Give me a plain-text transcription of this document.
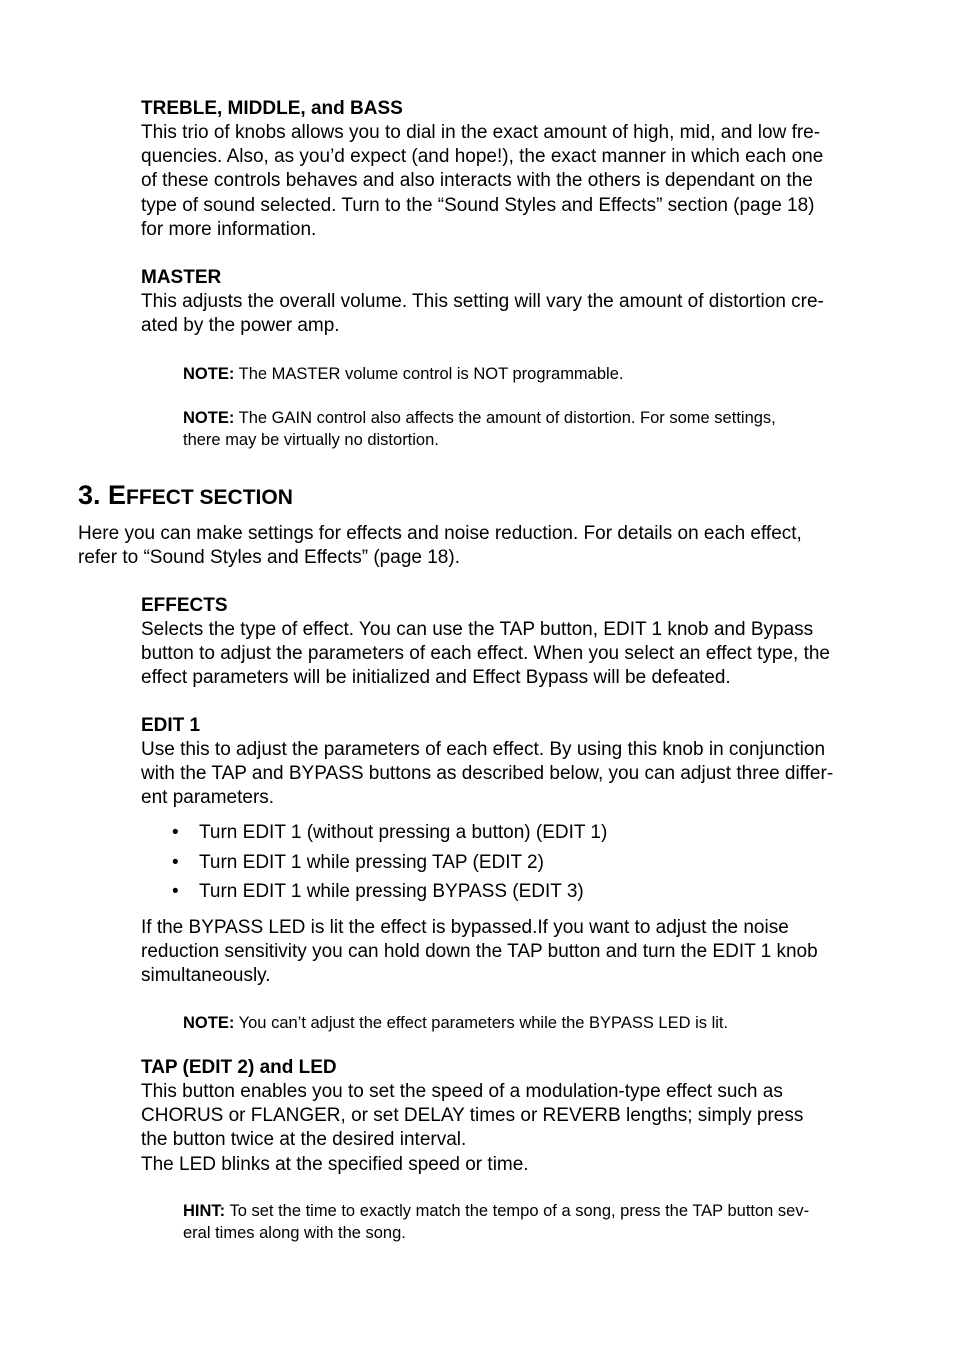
TREBLE, MIDDLE, and BASS

This trio of knobs allows you to dial in the exact amount of high, mid, and low fre-

quencies. Also, as you’d expect (and hope!), the exact manner in which each one

of these controls behaves and also interacts with the others is dependant on the

type of sound selected. Turn to the “Sound Styles and Effects” section (page 18)

for more information.

MASTER

This adjusts the overall volume. This setting will vary the amount of distortion cre-

ated by the power amp.

NOTE: The MASTER volume control is NOT programmable.
NOTE: The GAIN control also affects the amount of distortion. For some settings,
there may be virtually no distortion.
3. EFFECT SECTION

Here you can make settings for effects and noise reduction. For details on each effect,

refer to “Sound Styles and Effects” (page 18).

EFFECTS

Selects the type of effect. You can use the TAP button, EDIT 1 knob and Bypass

button to adjust the parameters of each effect. When you select an effect type, the

effect parameters will be initialized and Effect Bypass will be defeated.

EDIT 1

Use this to adjust the parameters of each effect. By using this knob in conjunction

with the TAP and BYPASS buttons as described below, you can adjust three differ-

ent parameters.

• Turn EDIT 1 (without pressing a button) (EDIT 1)
• Turn EDIT 1 while pressing TAP (EDIT 2)
• Turn EDIT 1 while pressing BYPASS (EDIT 3)

If the BYPASS LED is lit the effect is bypassed.If you want to adjust the noise

reduction sensitivity you can hold down the TAP button and turn the EDIT 1 knob

simultaneously.

NOTE: You can’t adjust the effect parameters while the BYPASS LED is lit.

TAP (EDIT 2) and LED

This button enables you to set the speed of a modulation-type effect such as

CHORUS or FLANGER, or set DELAY times or REVERB lengths; simply press

the button twice at the desired interval.

The LED blinks at the specified speed or time.

HINT: To set the time to exactly match the tempo of a song, press the TAP button sev-
eral times along with the song.
